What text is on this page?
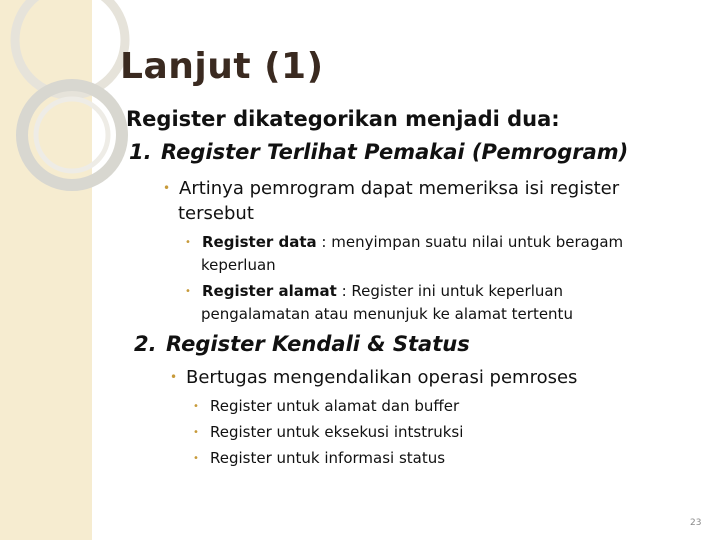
Lanjut (1)
Register dikategorikan menjadi dua:
1. Register Terlihat Pemakai (Pemrogram)
• Artinya pemrogram dapat memeriksa isi register
tersebut
• Register data : menyimpan suatu nilai untuk beragam
keperluan
• Register alamat : Register ini untuk keperluan
pengalamatan atau menunjuk ke alamat tertentu
2. Register Kendali & Status
• Bertugas mengendalikan operasi pemroses
• Register untuk alamat dan buffer
• Register untuk eksekusi intstruksi
• Register untuk informasi status
23
